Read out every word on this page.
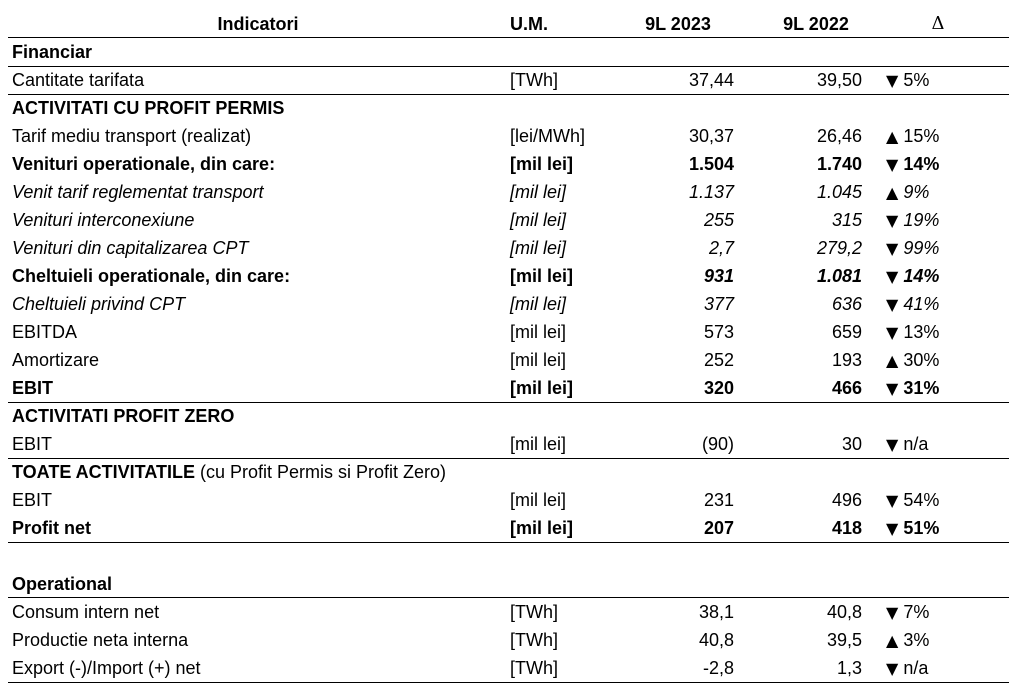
Indicatori	U.M.	9L 2023	9L 2022	Δ
Financiar
Cantitate tarifata	[TWh]	37,44	39,50 ▼ 5%
ACTIVITATI CU PROFIT PERMIS
Tarif mediu transport (realizat)	[lei/MWh]	30,37	26,46 ▲ 15%
Venituri operationale, din care:	[mil lei]	1.504	1.740 ▼ 14%
Venit tarif reglementat transport	[mil lei]	1.137	1.045 ▲ 9%
Venituri interconexiune	[mil lei]	255	315 ▼ 19%
Venituri din capitalizarea CPT	[mil lei]	2,7	279,2 ▼ 99%
Cheltuieli operationale, din care:	[mil lei]	931	1.081 ▼ 14%
Cheltuieli privind CPT	[mil lei]	377	636 ▼ 41%
EBITDA	[mil lei]	573	659 ▼ 13%
Amortizare	[mil lei]	252	193 ▲ 30%
EBIT	[mil lei]	320	466 ▼ 31%
ACTIVITATI PROFIT ZERO
EBIT	[mil lei]	(90)	30 ▼ n/a
TOATE ACTIVITATILE (cu Profit Permis si Profit Zero)
EBIT	[mil lei]	231	496 ▼ 54%
Profit net	[mil lei]	207	418 ▼ 51%
Operational
Consum intern net	[TWh]	38,1	40,8 ▼ 7%
Productie neta interna	[TWh]	40,8	39,5 ▲ 3%
Export (-)/Import (+) net	[TWh]	-2,8	1,3 ▼ n/a
